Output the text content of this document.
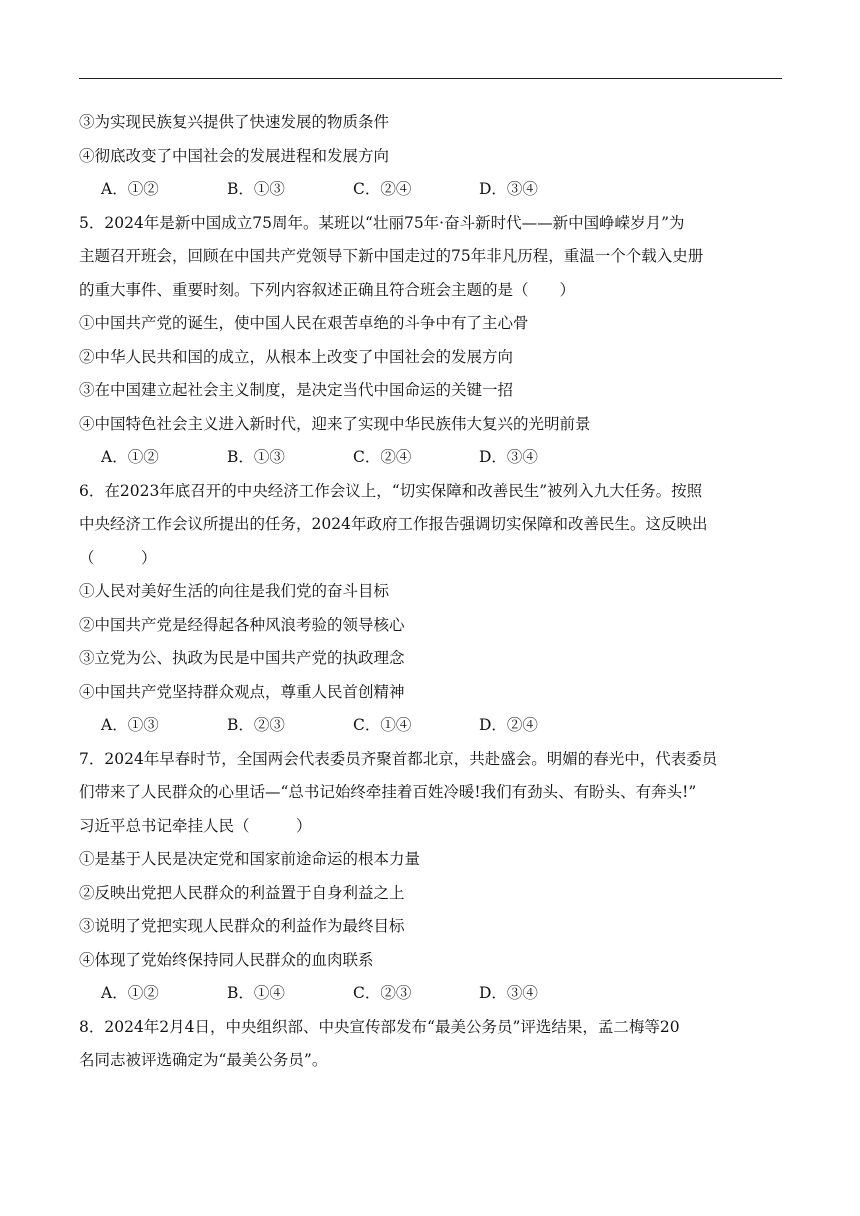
③为实现民族复兴提供了快速发展的物质条件
④彻底改变了中国社会的发展进程和发展方向
A．①②	B．①③	C．②④	D．③④
5．2024年是新中国成立75周年。某班以“壮丽75年·奋斗新时代——新中国峥嵘岁月”为
主题召开班会，回顾在中国共产党领导下新中国走过的75年非凡历程，重温一个个载入史册
的重大事件、重要时刻。下列内容叙述正确且符合班会主题的是（　　）
①中国共产党的诞生，使中国人民在艰苦卓绝的斗争中有了主心骨
②中华人民共和国的成立，从根本上改变了中国社会的发展方向
③在中国建立起社会主义制度，是决定当代中国命运的关键一招
④中国特色社会主义进入新时代，迎来了实现中华民族伟大复兴的光明前景
A．①②	B．①③	C．②④	D．③④
6．在2023年底召开的中央经济工作会议上，“切实保障和改善民生”被列入九大任务。按照
中央经济工作会议所提出的任务，2024年政府工作报告强调切实保障和改善民生。这反映出
（　　　）
①人民对美好生活的向往是我们党的奋斗目标
②中国共产党是经得起各种风浪考验的领导核心
③立党为公、执政为民是中国共产党的执政理念
④中国共产党坚持群众观点，尊重人民首创精神
A．①③	B．②③	C．①④	D．②④
7．2024年早春时节，全国两会代表委员齐聚首都北京，共赴盛会。明媚的春光中，代表委员
们带来了人民群众的心里话—“总书记始终牵挂着百姓冷暖!我们有劲头、有盼头、有奔头!”
习近平总书记牵挂人民（　　　）
①是基于人民是决定党和国家前途命运的根本力量
②反映出党把人民群众的利益置于自身利益之上
③说明了党把实现人民群众的利益作为最终目标
④体现了党始终保持同人民群众的血肉联系
A．①②	B．①④	C．②③	D．③④
8．2024年2月4日，中央组织部、中央宣传部发布“最美公务员”评选结果，孟二梅等20
名同志被评选确定为“最美公务员”。
